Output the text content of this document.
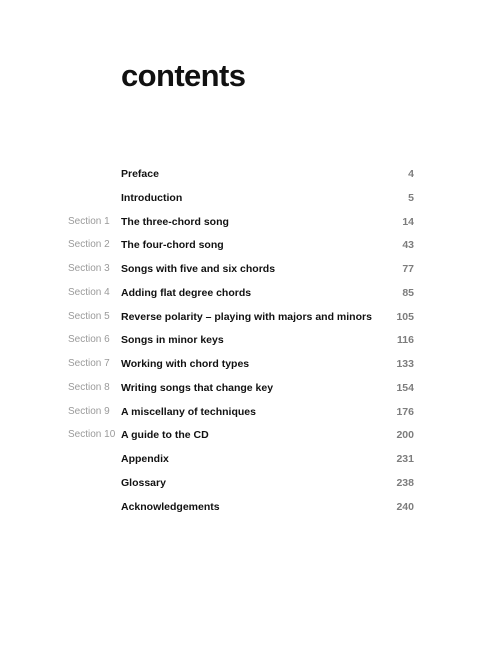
contents
Preface	4
Introduction	5
Section 1 The three-chord song	14
Section 2 The four-chord song	43
Section 3 Songs with five and six chords	77
Section 4 Adding flat degree chords	85
Section 5 Reverse polarity – playing with majors and minors 105
Section 6 Songs in minor keys	116
Section 7 Working with chord types	133
Section 8 Writing songs that change key	154
Section 9 A miscellany of techniques	176
Section 10 A guide to the CD	200
Appendix	231
Glossary	238
Acknowledgements	240
